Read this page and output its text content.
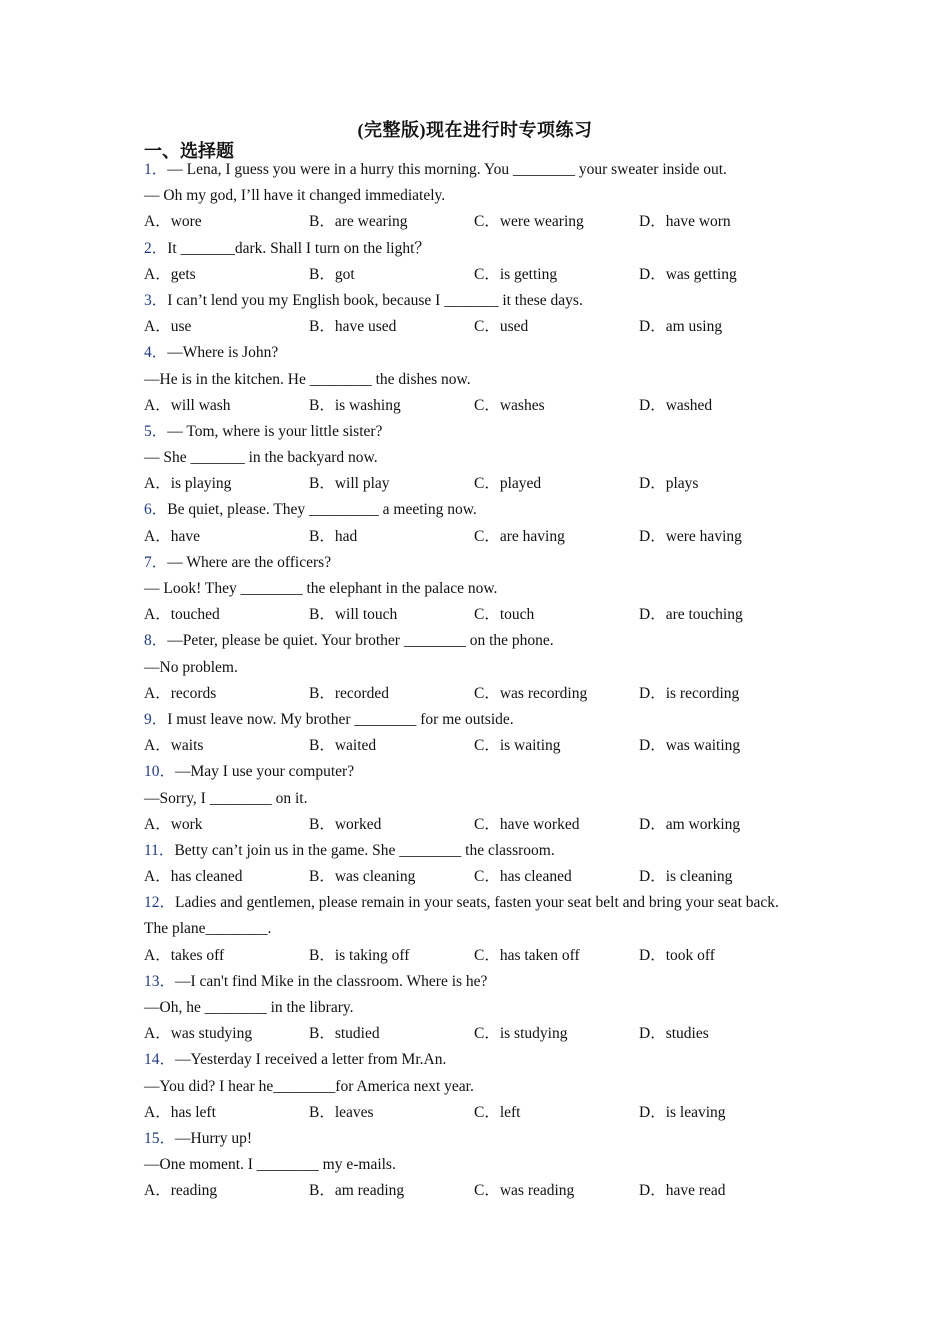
(完整版)现在进行时专项练习
一、选择题
1．— Lena, I guess you were in a hurry this morning. You ________ your sweater inside out.
— Oh my god, I’ll have it changed immediately.
A．wore	B．are wearing	C．were wearing	D．have worn
2．It _______dark. Shall I turn on the light？
A．gets	B．got	C．is getting	D．was getting
3．I can’t lend you my English book, because I _______ it these days.
A．use	B．have used	C．used	D．am using
4．—Where is John?
—He is in the kitchen. He ________ the dishes now.
A．will wash	B．is washing	C．washes	D．washed
5．— Tom, where is your little sister?
— She _______ in the backyard now.
A．is playing	B．will play	C．played	D．plays
6．Be quiet, please. They _________ a meeting now.
A．have	B．had	C．are having	D．were having
7．— Where are the officers?
— Look! They ________ the elephant in the palace now.
A．touched	B．will touch	C．touch	D．are touching
8．—Peter, please be quiet. Your brother ________ on the phone.
—No problem.
A．records	B．recorded	C．was recording	D．is recording
9．I must leave now. My brother ________ for me outside.
A．waits	B．waited	C．is waiting	D．was waiting
10．—May I use your computer?
—Sorry, I ________ on it.
A．work	B．worked	C．have worked	D．am working
11．Betty can’t join us in the game. She ________ the classroom.
A．has cleaned	B．was cleaning	C．has cleaned	D．is cleaning
12．Ladies and gentlemen, please remain in your seats, fasten your seat belt and bring your seat back. The plane________.
A．takes off	B．is taking off	C．has taken off	D．took off
13．—I can't find Mike in the classroom. Where is he?
—Oh, he ________ in the library.
A．was studying	B．studied	C．is studying	D．studies
14．—Yesterday I received a letter from Mr.An.
—You did? I hear he________for America next year.
A．has left	B．leaves	C．left	D．is leaving
15．—Hurry up!
—One moment. I ________ my e-mails.
A．reading	B．am reading	C．was reading	D．have read
